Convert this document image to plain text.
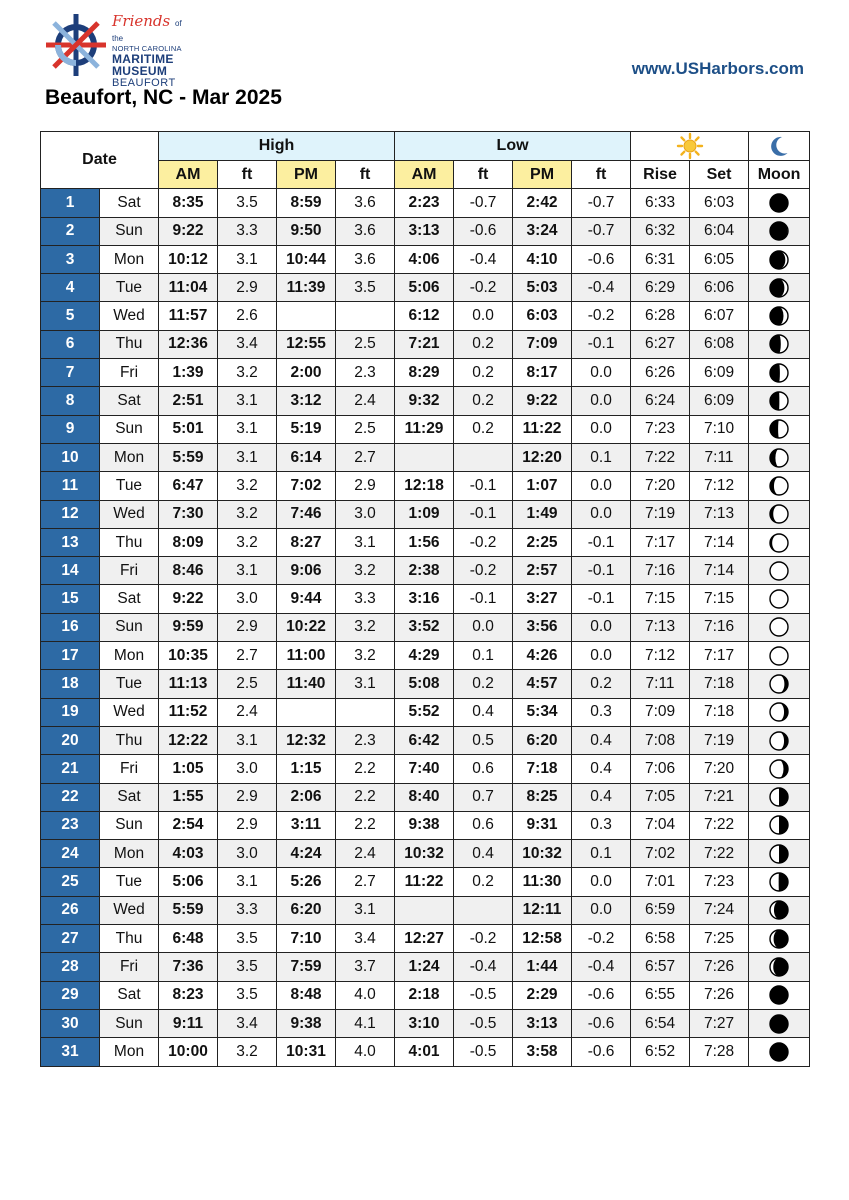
Friends of the
NORTH CAROLINA
MARITIME
MUSEUM
BEAUFORT
www.USHarbors.com
Beaufort, NC - Mar 2025
Date		High				Low	

		AM	ft	PM	ft	AM	ft	PM	ft	Rise	Set	Moon
1	Sat	8:35	3.5	8:59	3.6	2:23	-0.7	2:42	-0.7	6:33	6:03	

2	Sun	9:22	3.3	9:50	3.6	3:13	-0.6	3:24	-0.7	6:32	6:04	

3	Mon	10:12	3.1	10:44	3.6	4:06	-0.4	4:10	-0.6	6:31	6:05	

4	Tue	11:04	2.9	11:39	3.5	5:06	-0.2	5:03	-0.4	6:29	6:06	

5	Wed	11:57	2.6			6:12	0.0	6:03	-0.2	6:28	6:07	

6	Thu	12:36	3.4	12:55	2.5	7:21	0.2	7:09	-0.1	6:27	6:08	

7	Fri	1:39	3.2	2:00	2.3	8:29	0.2	8:17	0.0	6:26	6:09	

8	Sat	2:51	3.1	3:12	2.4	9:32	0.2	9:22	0.0	6:24	6:09	

9	Sun	5:01	3.1	5:19	2.5	11:29	0.2	11:22	0.0	7:23	7:10	

10	Mon	5:59	3.1	6:14	2.7			12:20	0.1	7:22	7:11	

11	Tue	6:47	3.2	7:02	2.9	12:18	-0.1	1:07	0.0	7:20	7:12	

12	Wed	7:30	3.2	7:46	3.0	1:09	-0.1	1:49	0.0	7:19	7:13	

13	Thu	8:09	3.2	8:27	3.1	1:56	-0.2	2:25	-0.1	7:17	7:14	

14	Fri	8:46	3.1	9:06	3.2	2:38	-0.2	2:57	-0.1	7:16	7:14	

15	Sat	9:22	3.0	9:44	3.3	3:16	-0.1	3:27	-0.1	7:15	7:15	

16	Sun	9:59	2.9	10:22	3.2	3:52	0.0	3:56	0.0	7:13	7:16	

17	Mon	10:35	2.7	11:00	3.2	4:29	0.1	4:26	0.0	7:12	7:17	

18	Tue	11:13	2.5	11:40	3.1	5:08	0.2	4:57	0.2	7:11	7:18	

19	Wed	11:52	2.4			5:52	0.4	5:34	0.3	7:09	7:18	

20	Thu	12:22	3.1	12:32	2.3	6:42	0.5	6:20	0.4	7:08	7:19	

21	Fri	1:05	3.0	1:15	2.2	7:40	0.6	7:18	0.4	7:06	7:20	

22	Sat	1:55	2.9	2:06	2.2	8:40	0.7	8:25	0.4	7:05	7:21	

23	Sun	2:54	2.9	3:11	2.2	9:38	0.6	9:31	0.3	7:04	7:22	

24	Mon	4:03	3.0	4:24	2.4	10:32	0.4	10:32	0.1	7:02	7:22	

25	Tue	5:06	3.1	5:26	2.7	11:22	0.2	11:30	0.0	7:01	7:23	

26	Wed	5:59	3.3	6:20	3.1			12:11	0.0	6:59	7:24	

27	Thu	6:48	3.5	7:10	3.4	12:27	-0.2	12:58	-0.2	6:58	7:25	

28	Fri	7:36	3.5	7:59	3.7	1:24	-0.4	1:44	-0.4	6:57	7:26	

29	Sat	8:23	3.5	8:48	4.0	2:18	-0.5	2:29	-0.6	6:55	7:26	

30	Sun	9:11	3.4	9:38	4.1	3:10	-0.5	3:13	-0.6	6:54	7:27	

31	Mon	10:00	3.2	10:31	4.0	4:01	-0.5	3:58	-0.6	6:52	7:28	
